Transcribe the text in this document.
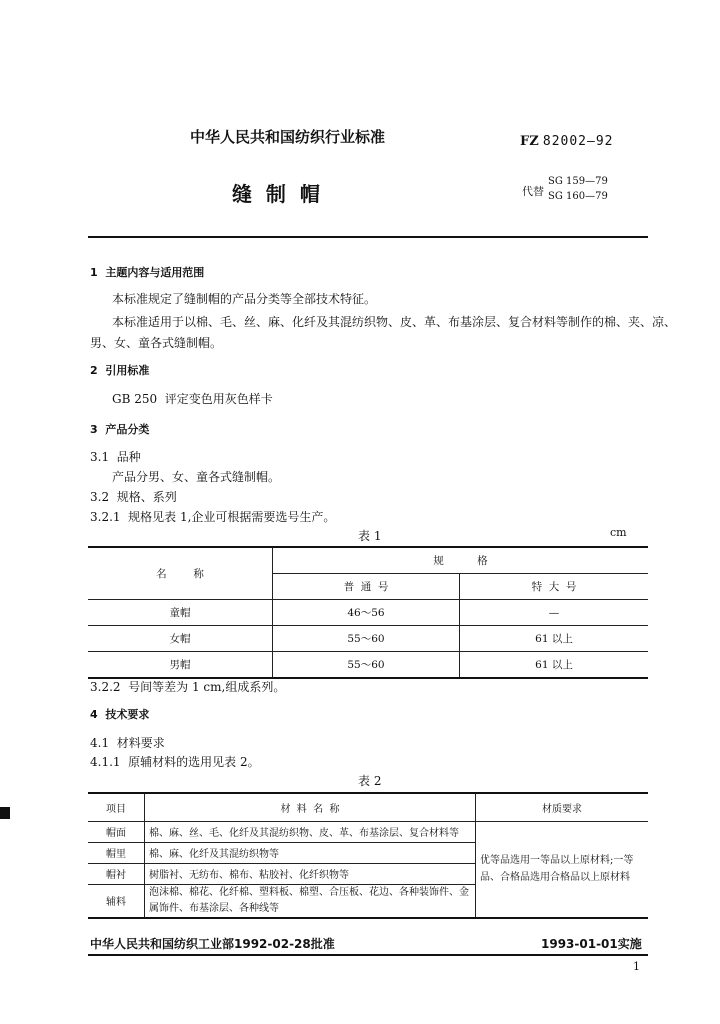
中华人民共和国纺织行业标准	FZ 82002—92
缝  制  帽	代替
SG 159—79
SG 160—79
1  主题内容与适用范围
本标准规定了缝制帽的产品分类等全部技术特征。
本标准适用于以棉、毛、丝、麻、化纤及其混纺织物、皮、革、布基涂层、复合材料等制作的棉、夹、凉、
男、女、童各式缝制帽。
2  引用标准
GB 250  评定变色用灰色样卡
3  产品分类
3.1  品种
产品分男、女、童各式缝制帽。
3.2  规格、系列
3.2.1  规格见表 1,企业可根据需要选号生产。
表 1	cm
名        称	规          格	
	普  通  号	特  大  号
童帽	46～56	—
女帽	55～60	61 以上
男帽	55～60	61 以上
3.2.2  号间等差为 1 cm,组成系列。
4  技术要求
4.1  材料要求
4.1.1  原辅材料的选用见表 2。
表 2
项目	材  料  名  称	材质要求
帽面	棉、麻、丝、毛、化纤及其混纺织物、皮、革、布基涂层、复合材料等	优等品选用一等品以上原材料;一等品、合格品选用合格品以上原材料
帽里	棉、麻、化纤及其混纺织物等	
帽衬	树脂衬、无纺布、棉布、粘胶衬、化纤织物等	
辅料	泡沫棉、棉花、化纤棉、塑料板、棉塑、合压板、花边、各种装饰件、金属饰件、布基涂层、各种线等	
中华人民共和国纺织工业部1992-02-28批准	1993-01-01实施
1
